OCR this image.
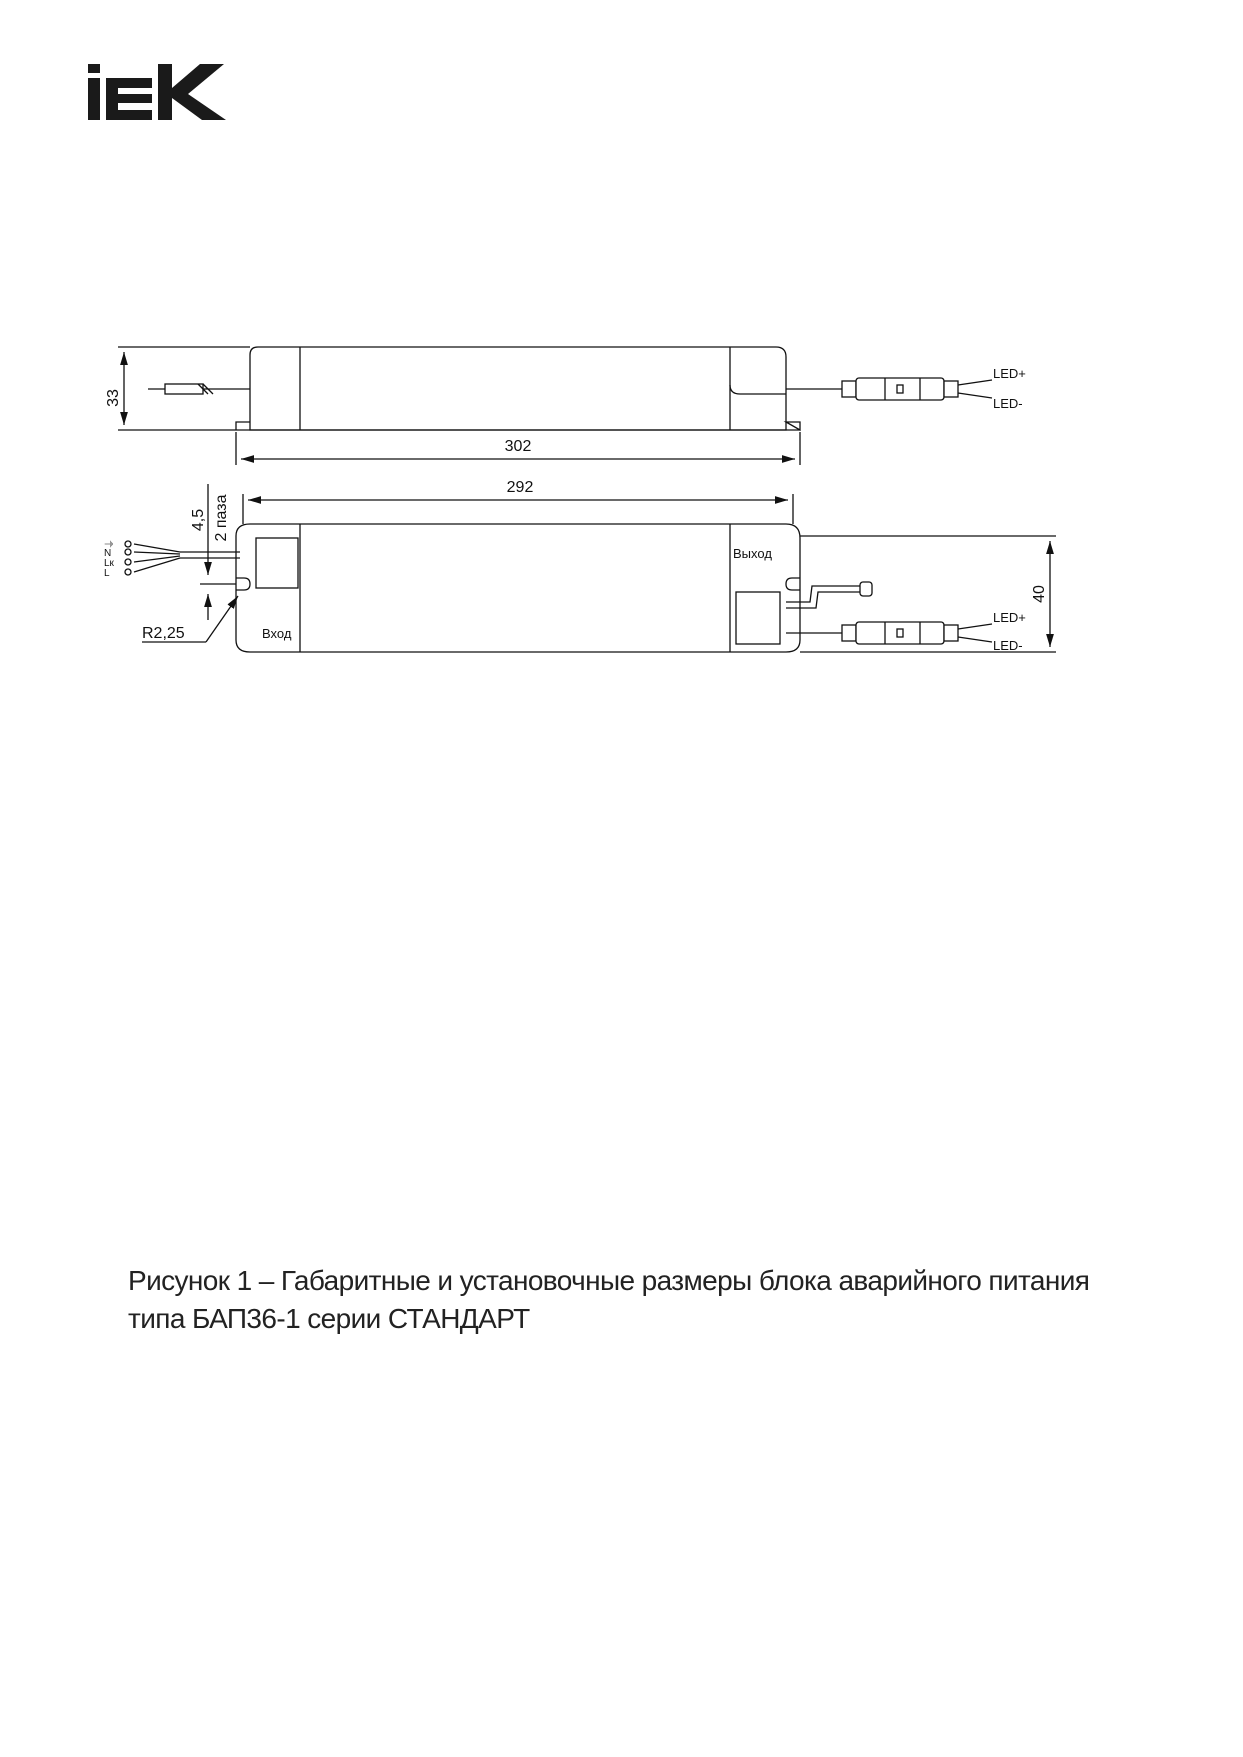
33
302
LED+
LED-
292
40
4,5 2 паза
R2,25	Вход
Выход
LED+
LED-
⏚
N
Lк
L
Рисунок 1 – Габаритные и установочные размеры блока аварийного питания
типа БАП36-1 серии СТАНДАРТ
